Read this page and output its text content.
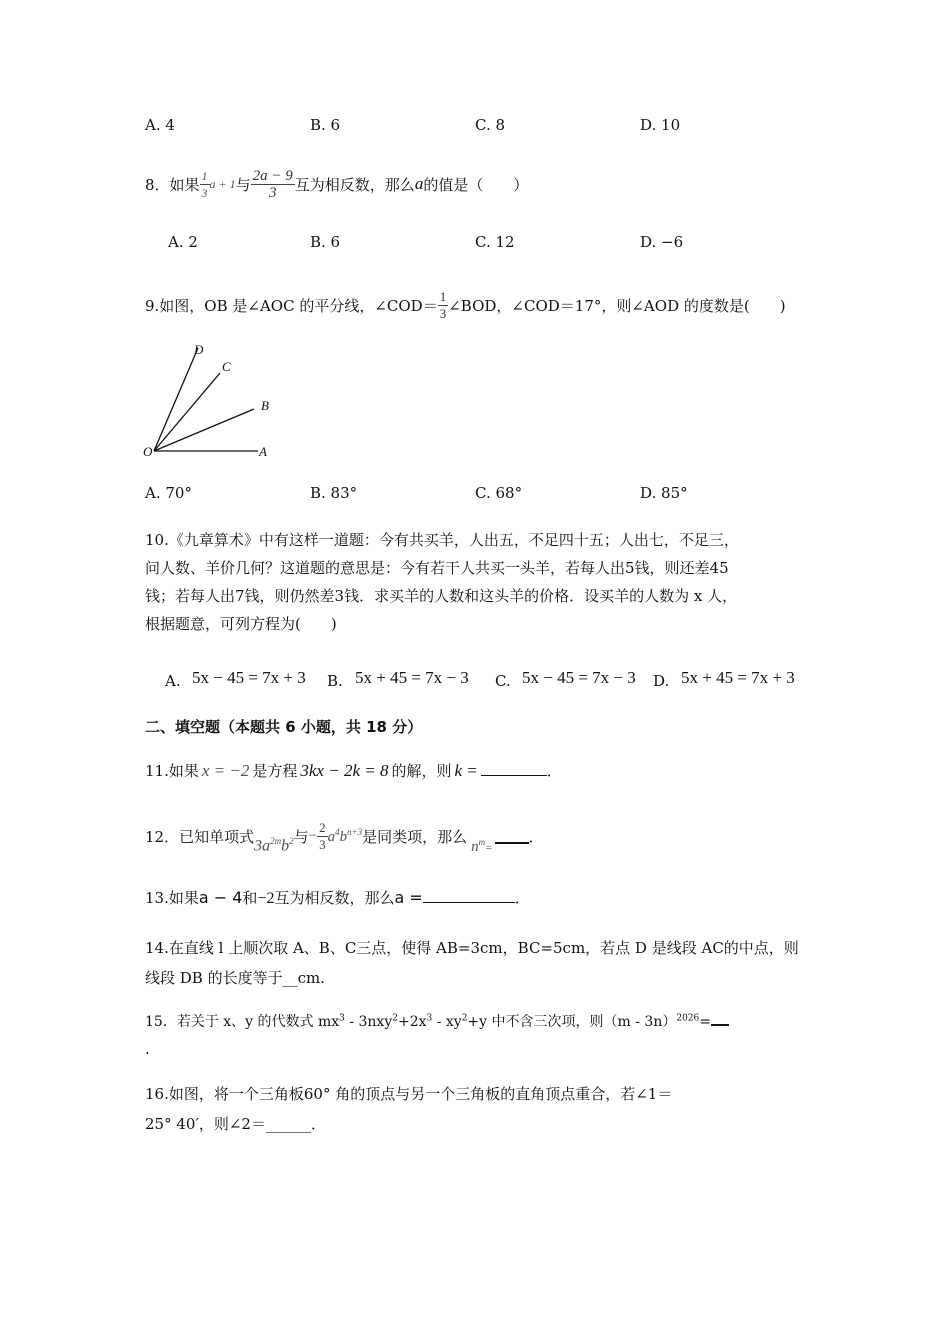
A. 4	B. 6	C. 8	D. 10
8．如果 $\frac{1}{3}$ a + 1 与 $\frac{2a - 9}{3}$ 互为相反数，那么 a 的值是（　　）
A. 2	B. 6	C. 12	D. −6
9.如图，OB 是∠AOC 的平分线，∠COD＝ $\frac{1}{3}$ ∠BOD，∠COD＝17°，则∠AOD 的度数是(　　)
D
C
B
O	A
A. 70°	B. 83°	C. 68°	D. 85°
10.《九章算术》中有这样一道题：今有共买羊，人出五，不足四十五；人出七，不足三，
问人数、羊价几何？这道题的意思是：今有若干人共买一头羊，若每人出5钱，则还差45
钱；若每人出7钱，则仍然差3钱．求买羊的人数和这头羊的价格．设买羊的人数为 x 人，
根据题意，可列方程为(　　)
A. 5x − 45 = 7x + 3 B. 5x + 45 = 7x − 3 C. 5x − 45 = 7x − 3 D. 5x + 45 = 7x + 3
二、填空题（本题共 6 小题，共 18 分）
11.如果 x = −2 是方程 3kx − 2k = 8 的解，则 k =	．
12．已知单项式
$3a^{2m}b^2$ 与 − $\frac{2}{3} a^4b^{n+3}$ 是同类项，那么
$n^m=$
．
13.如果 a − 4 和 −2 互为相反数，那么 a =	．
14.在直线 l 上顺次取 A、B、C三点，使得 AB=3cm，BC=5cm，若点 D 是线段 AC的中点，则
线段 DB 的长度等于__cm.
15．若关于 x、y 的代数式 $mx^3 - 3nxy^2+2x^3 - xy^2+y$ 中不含三次项，则（m - 3n）$^{2026}$=
.
16.如图，将一个三角板60° 角的顶点与另一个三角板的直角顶点重合，若∠1＝
25° 40′，则∠2＝______．
